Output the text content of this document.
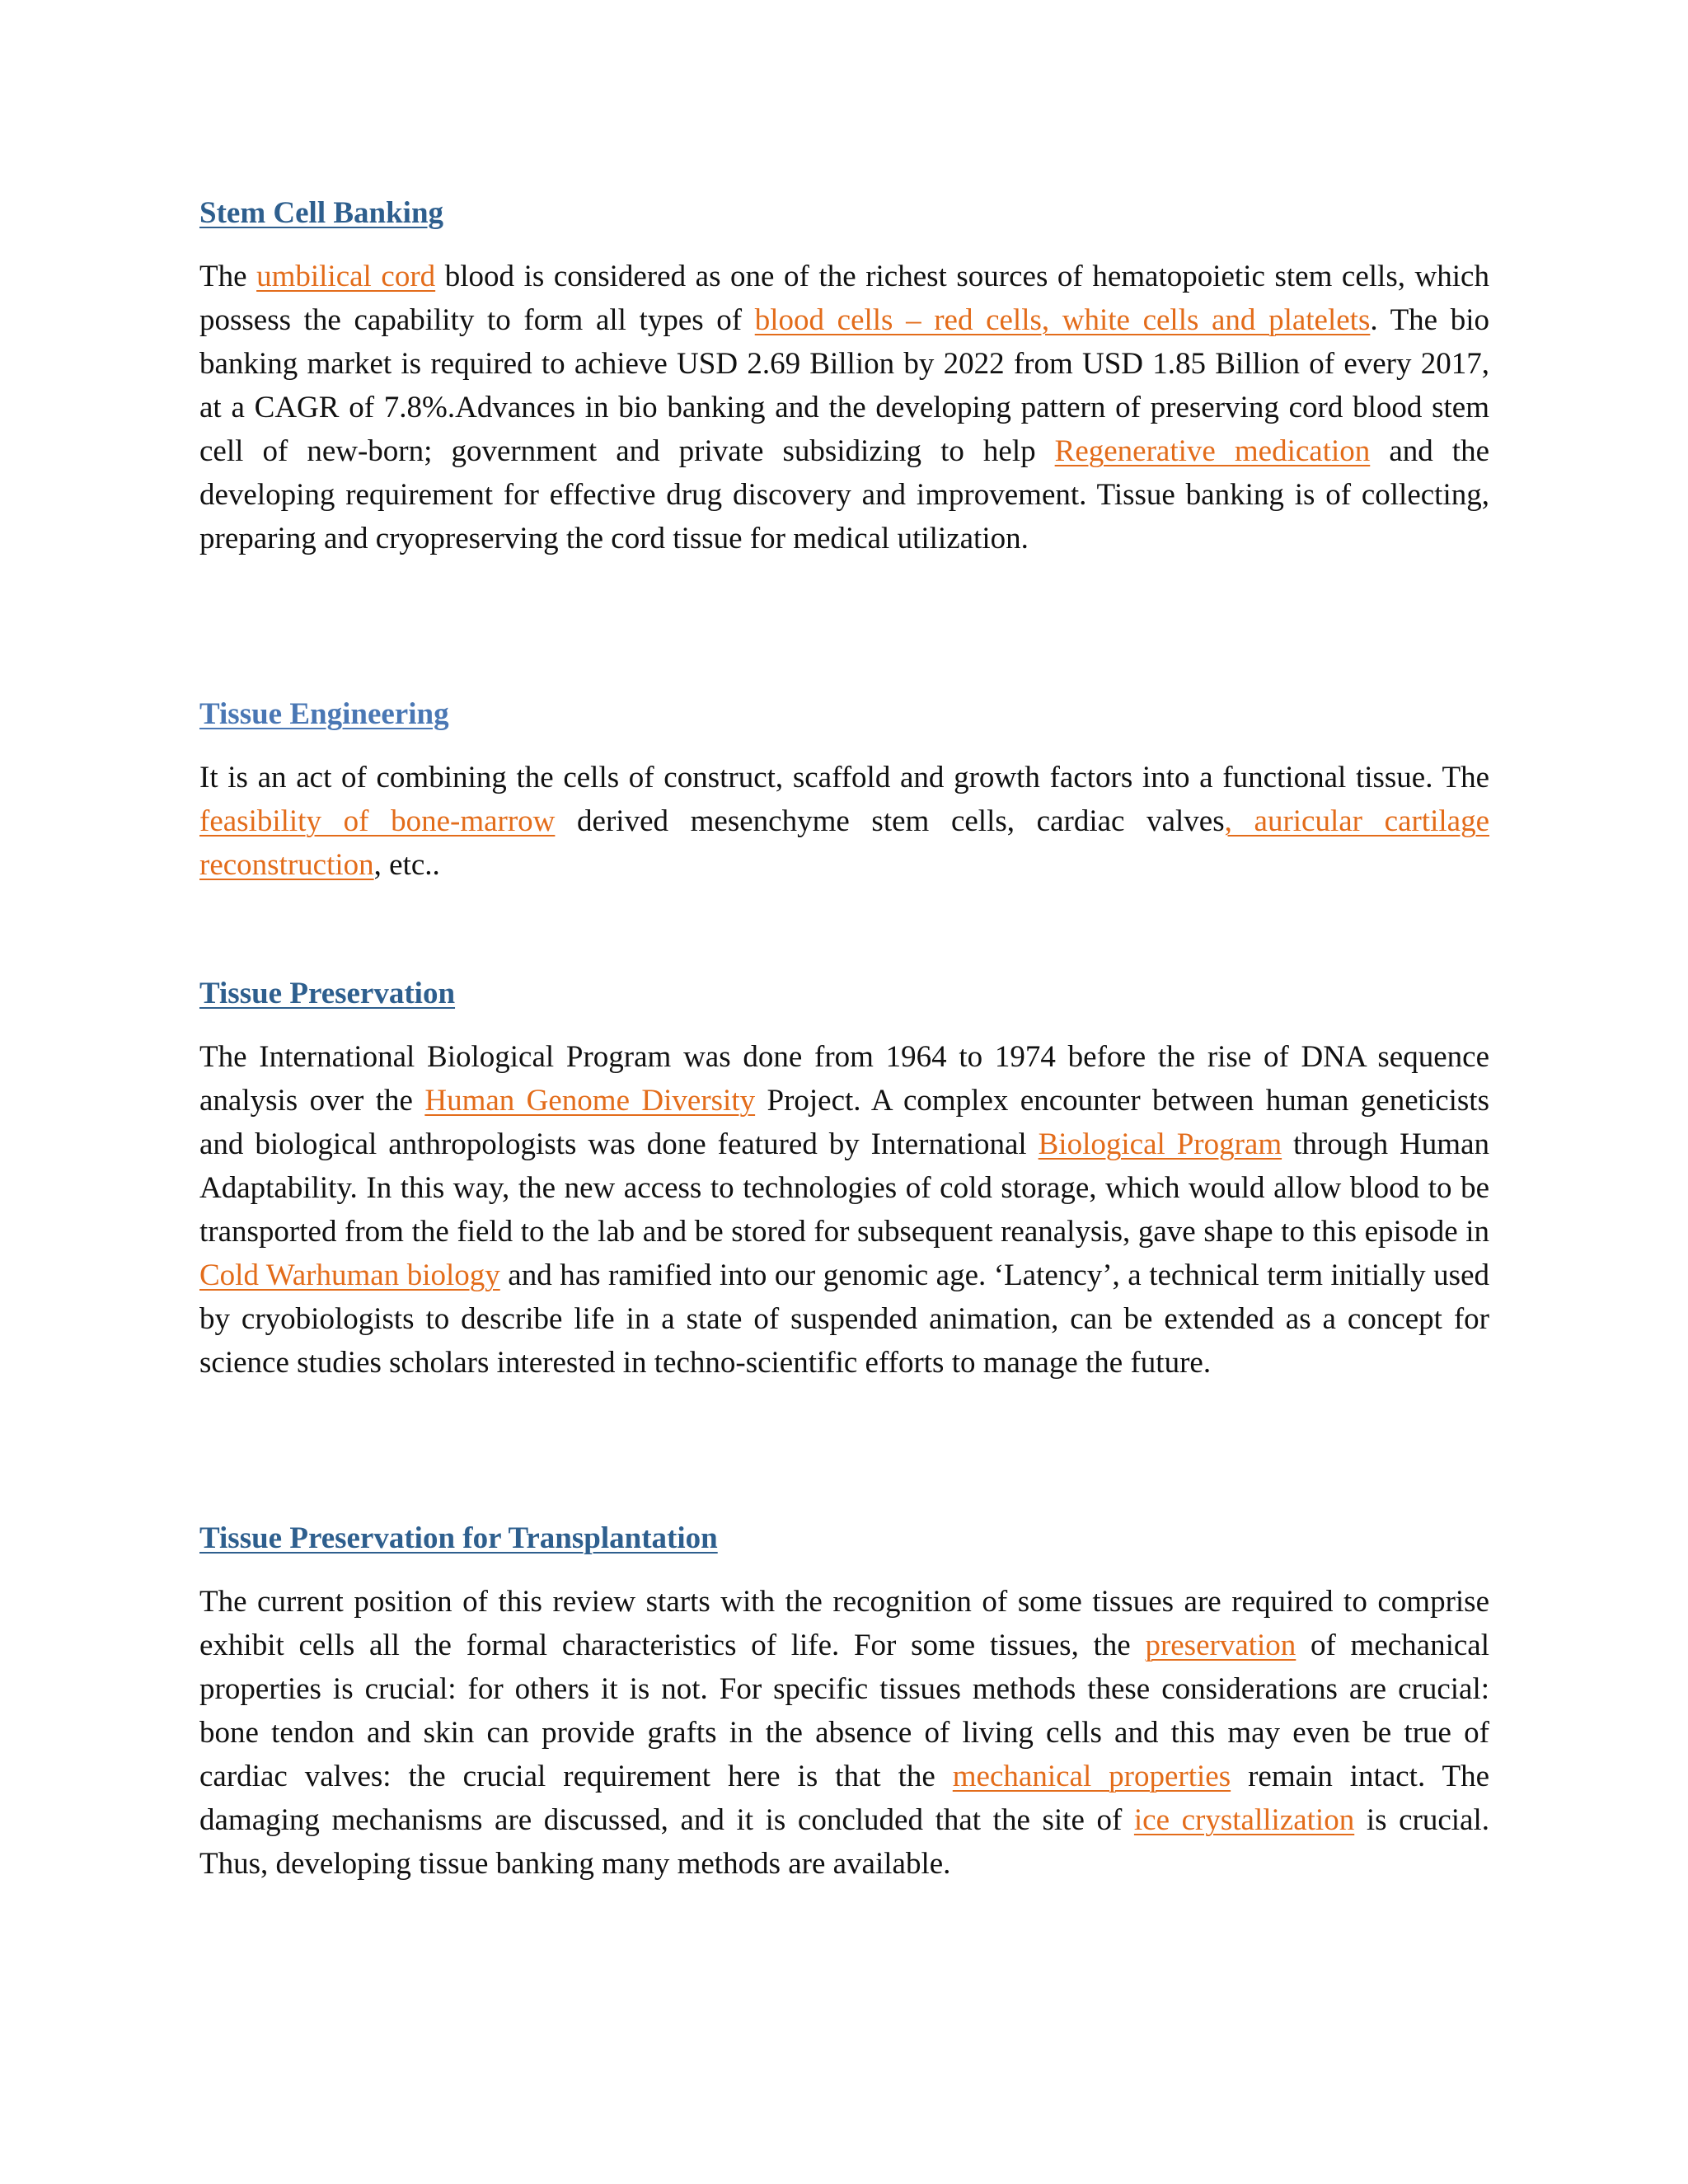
Stem Cell Banking

The umbilical cord blood is considered as one of the richest sources of hematopoietic stem cells, which possess the capability to form all types of blood cells – red cells, white cells and platelets. The bio banking market is required to achieve USD 2.69 Billion by 2022 from USD 1.85 Billion of every 2017, at a CAGR of 7.8%.Advances in bio banking and the developing pattern of preserving cord blood stem cell of new-born; government and private subsidizing to help Regenerative medication and the developing requirement for effective drug discovery and improvement. Tissue banking is of collecting, preparing and cryopreserving the cord tissue for medical utilization.

Tissue Engineering

It is an act of combining the cells of construct, scaffold and growth factors into a functional tissue. The feasibility of bone-marrow derived mesenchyme stem cells, cardiac valves, auricular cartilage reconstruction, etc..

Tissue Preservation

The International Biological Program was done from 1964 to 1974 before the rise of DNA sequence analysis over the Human Genome Diversity Project. A complex encounter between human geneticists and biological anthropologists was done featured by International Biological Program through Human Adaptability. In this way, the new access to technologies of cold storage, which would allow blood to be transported from the field to the lab and be stored for subsequent reanalysis, gave shape to this episode in Cold Warhuman biology and has ramified into our genomic age. ‘Latency’, a technical term initially used by cryobiologists to describe life in a state of suspended animation, can be extended as a concept for science studies scholars interested in techno-scientific efforts to manage the future.

Tissue Preservation for Transplantation

The current position of this review starts with the recognition of some tissues are required to comprise exhibit cells all the formal characteristics of life. For some tissues, the preservation of mechanical properties is crucial: for others it is not. For specific tissues methods these considerations are crucial: bone tendon and skin can provide grafts in the absence of living cells and this may even be true of cardiac valves: the crucial requirement here is that the mechanical properties remain intact. The damaging mechanisms are discussed, and it is concluded that the site of ice crystallization is crucial. Thus, developing tissue banking many methods are available.
